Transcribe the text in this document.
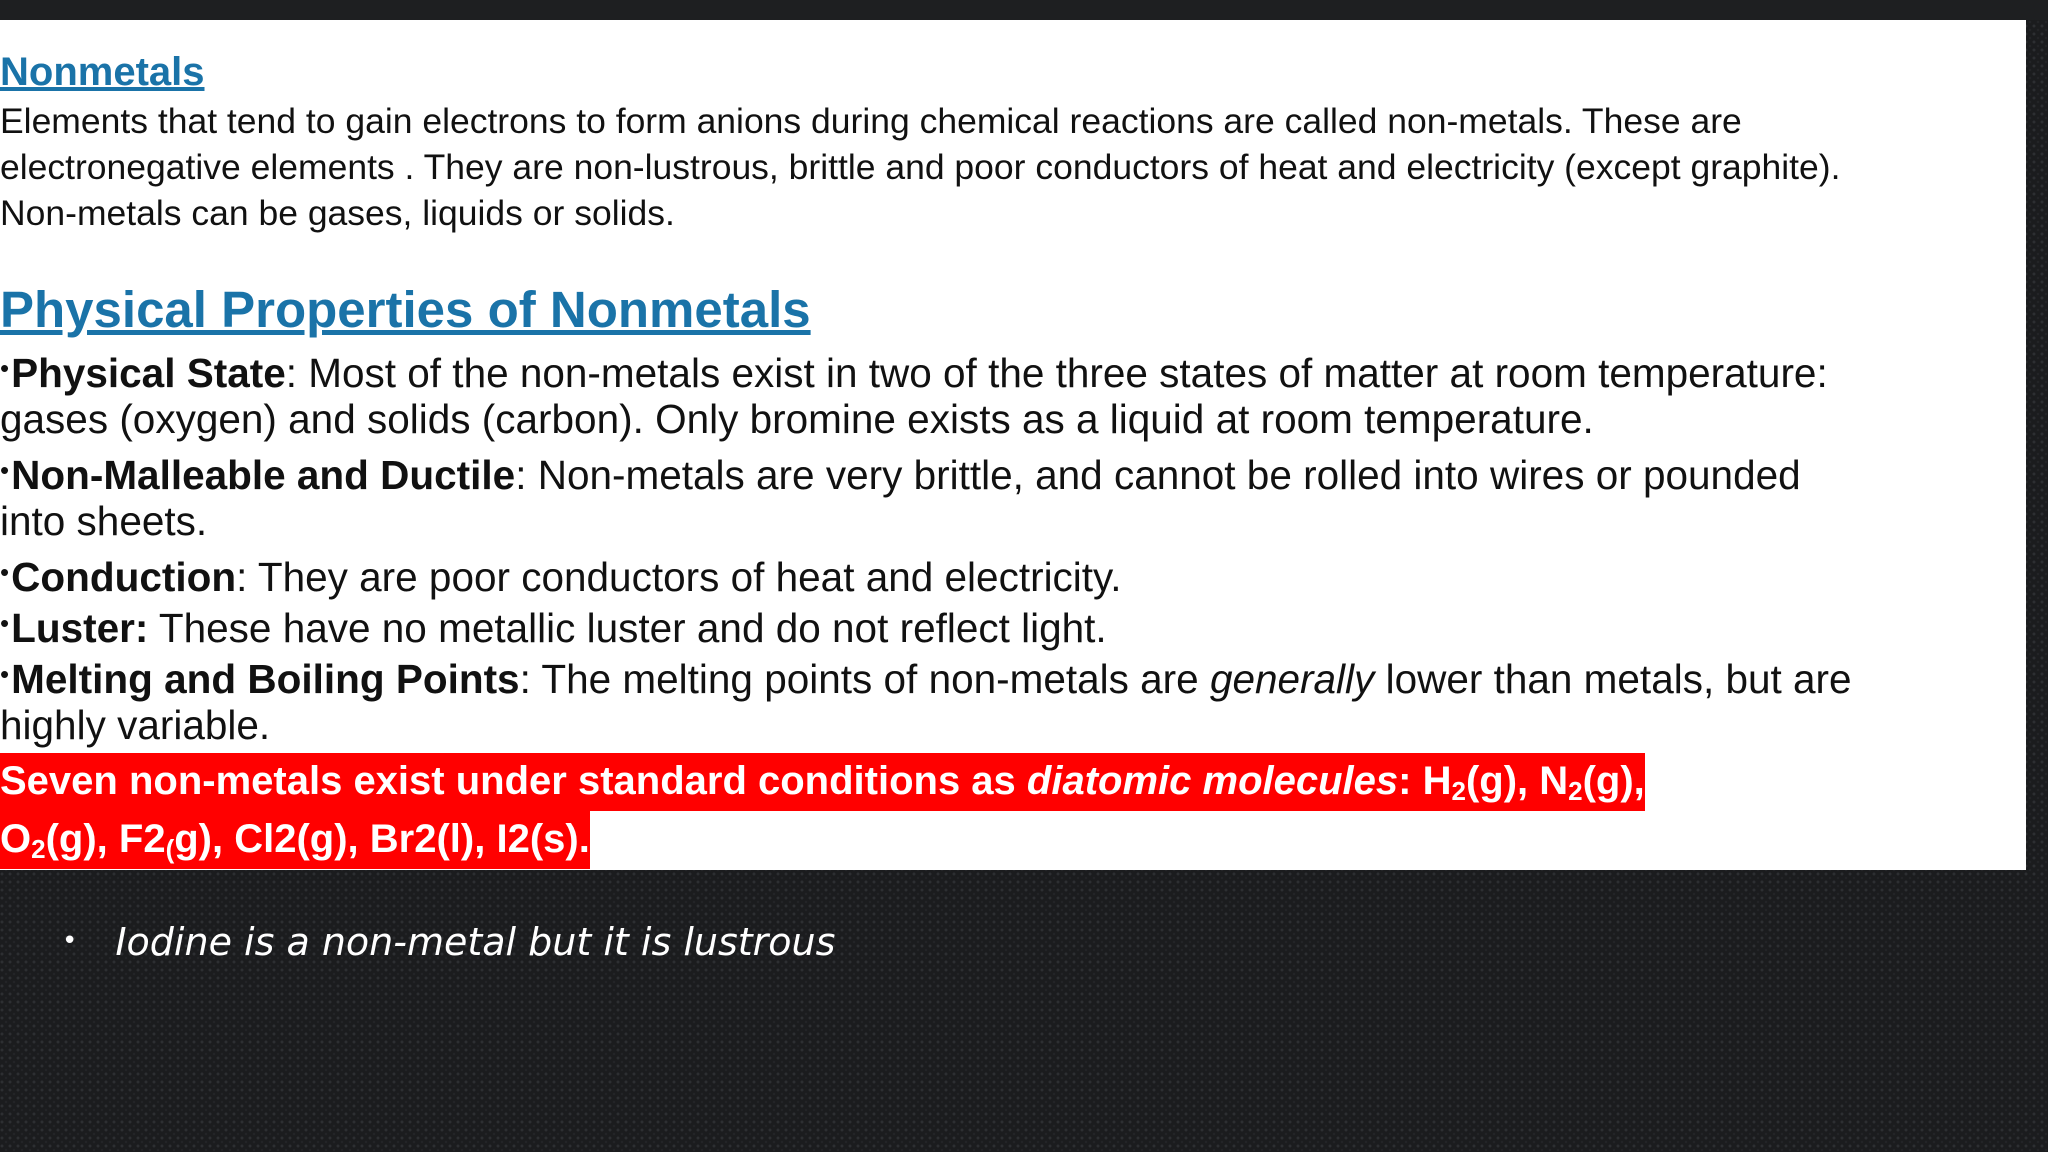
Nonmetals
Elements that tend to gain electrons to form anions during chemical reactions are called non-metals. These are
electronegative elements . They are non-lustrous, brittle and poor conductors of heat and electricity (except graphite).
Non-metals can be gases, liquids or solids.
Physical Properties of Nonmetals
•Physical State: Most of the non-metals exist in two of the three states of matter at room temperature:
gases (oxygen) and solids (carbon). Only bromine exists as a liquid at room temperature.
•Non-Malleable and Ductile: Non-metals are very brittle, and cannot be rolled into wires or pounded
into sheets.
•Conduction: They are poor conductors of heat and electricity.
•Luster: These have no metallic luster and do not reflect light.
•Melting and Boiling Points: The melting points of non-metals are generally lower than metals, but are
highly variable.
Seven non-metals exist under standard conditions as diatomic molecules: $H_2(g)$, $N_2(g)$,
$O_2(g)$, $F2_(g$), Cl2(g), Br2(l), I2(s).
• Iodine is a non-metal but it is lustrous
